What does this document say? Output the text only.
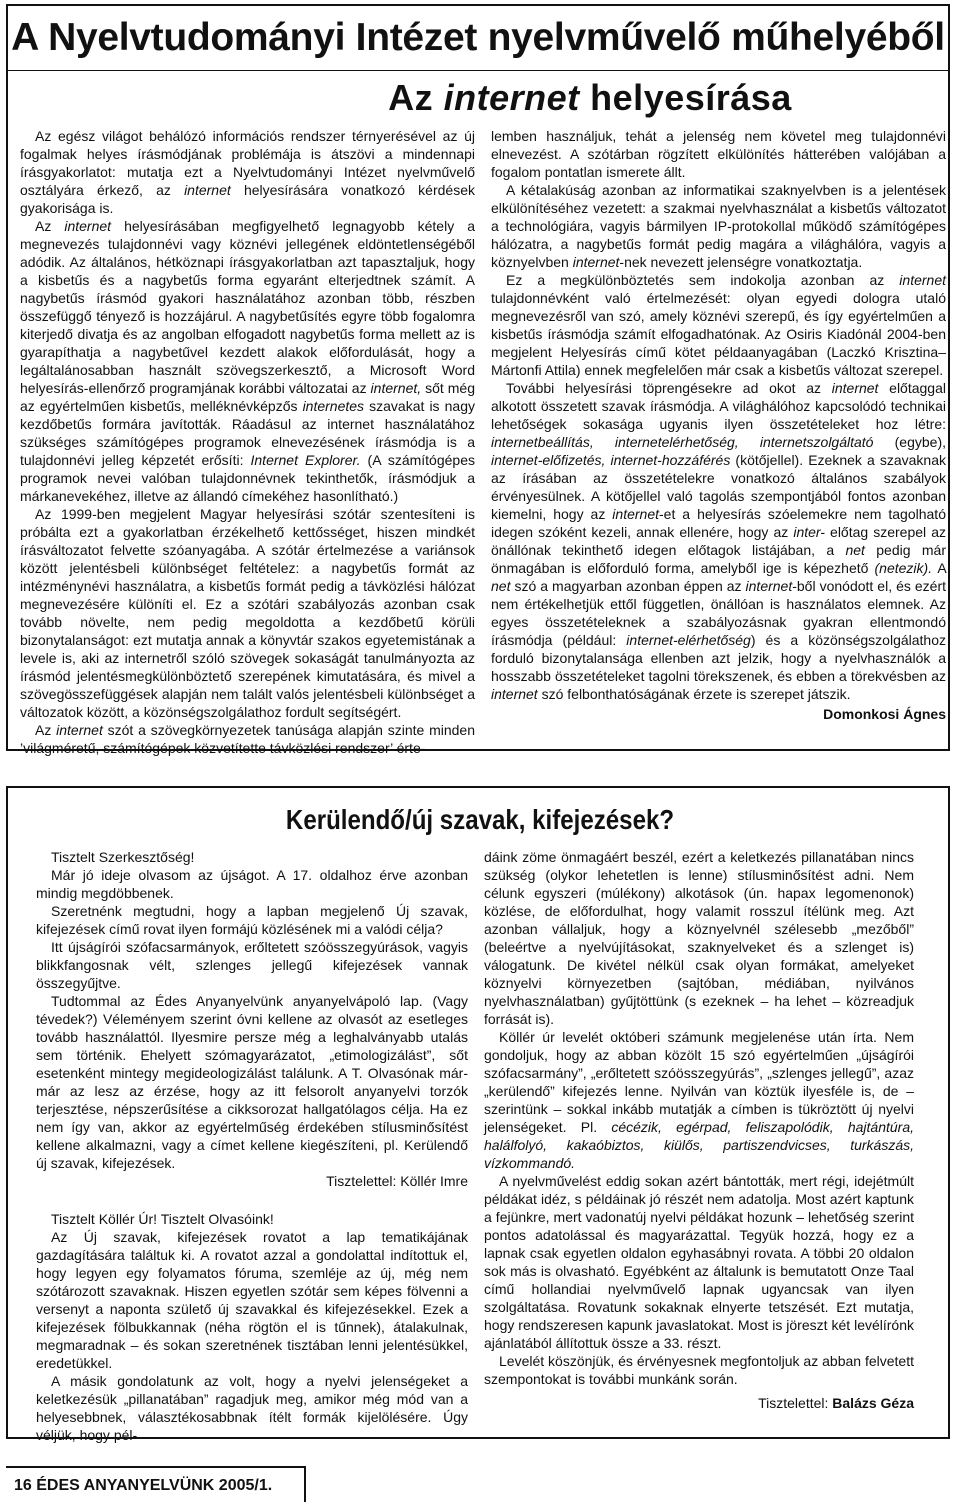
A Nyelvtudományi Intézet nyelvművelő műhelyéből
Az internet helyesírása

Az egész világot behálózó információs rendszer térnyerésével az új fogalmak helyes írásmódjának problémája is átszövi a mindennapi írásgyakorlatot: mutatja ezt a Nyelvtudományi Intézet nyelvművelő osztályára érkező, az internet helyesírására vonatkozó kérdések gyakorisága is.

Az internet helyesírásában megfigyelhető legnagyobb kétely a megnevezés tulajdonnévi vagy köznévi jellegének eldöntetlenségéből adódik. Az általános, hétköznapi írásgyakorlatban azt tapasztaljuk, hogy a kisbetűs és a nagybetűs forma egyaránt elterjedtnek számít. A nagybetűs írásmód gyakori használatához azonban több, részben összefüggő tényező is hozzájárul. A nagybetűsítés egyre több fogalomra kiterjedő divatja és az angolban elfogadott nagybetűs forma mellett az is gyarapíthatja a nagybetűvel kezdett alakok előfordulását, hogy a legáltalánosabban használt szövegszerkesztő, a Microsoft Word helyesírás-ellenőrző programjának korábbi változatai az internet, sőt még az egyértelműen kisbetűs, melléknévképzős internetes szavakat is nagy kezdőbetűs formára javították. Ráadásul az internet használatához szükséges számítógépes programok elnevezésének írásmódja is a tulajdonnévi jelleg képzetét erősíti: Internet Explorer. (A számítógépes programok nevei valóban tulajdonnévnek tekinthetők, írásmódjuk a márkanevekéhez, illetve az állandó címekéhez hasonlítható.)

Az 1999-ben megjelent Magyar helyesírási szótár szentesíteni is próbálta ezt a gyakorlatban érzékelhető kettősséget, hiszen mindkét írásváltozatot felvette szóanyagába. A szótár értelmezése a variánsok között jelentésbeli különbséget feltételez: a nagybetűs formát az intézménynévi használatra, a kisbetűs formát pedig a távközlési hálózat megnevezésére különíti el. Ez a szótári szabályozás azonban csak tovább növelte, nem pedig megoldotta a kezdőbetű körüli bizonytalanságot: ezt mutatja annak a könyvtár szakos egyetemistának a levele is, aki az internetről szóló szövegek sokaságát tanulmányozta az írásmód jelentésmegkülönböztető szerepének kimutatására, és mivel a szövegösszefüggések alapján nem talált valós jelentésbeli különbséget a változatok között, a közönségszolgálathoz fordult segítségért.

Az internet szót a szövegkörnyezetek tanúsága alapján szinte minden ’világméretű, számítógépek közvetítette távközlési rendszer’ érte-

lemben használjuk, tehát a jelenség nem követel meg tulajdonnévi elnevezést. A szótárban rögzített elkülönítés hátterében valójában a fogalom pontatlan ismerete állt.

A kétalakúság azonban az informatikai szaknyelvben is a jelentések elkülönítéséhez vezetett: a szakmai nyelvhasználat a kisbetűs változatot a technológiára, vagyis bármilyen IP-protokollal működő számítógépes hálózatra, a nagybetűs formát pedig magára a világhálóra, vagyis a köznyelvben internet-nek nevezett jelenségre vonatkoztatja.

Ez a megkülönböztetés sem indokolja azonban az internet tulajdonnévként való értelmezését: olyan egyedi dologra utaló megnevezésről van szó, amely köznévi szerepű, és így egyértelműen a kisbetűs írásmódja számít elfogadhatónak. Az Osiris Kiadónál 2004-ben megjelent Helyesírás című kötet példaanyagában (Laczkó Krisztina–Mártonfi Attila) ennek megfelelően már csak a kisbetűs változat szerepel.

További helyesírási töprengésekre ad okot az internet előtaggal alkotott összetett szavak írásmódja. A világhálóhoz kapcsolódó technikai lehetőségek sokasága ugyanis ilyen összetételeket hoz létre: internetbeállítás, internetelérhetőség, internetszolgáltató (egybe), internet-előfizetés, internet-hozzáférés (kötőjellel). Ezeknek a szavaknak az írásában az összetételekre vonatkozó általános szabályok érvényesülnek. A kötőjellel való tagolás szempontjából fontos azonban kiemelni, hogy az internet-et a helyesírás szóelemekre nem tagolható idegen szóként kezeli, annak ellenére, hogy az inter- előtag szerepel az önállónak tekinthető idegen előtagok listájában, a net pedig már önmagában is előforduló forma, amelyből ige is képezhető (netezik). A net szó a magyarban azonban éppen az internet-ből vonódott el, és ezért nem értékelhetjük ettől független, önállóan is használatos elemnek. Az egyes összetételeknek a szabályozásnak gyakran ellentmondó írásmódja (például: internet-elérhetőség) és a közönségszolgálathoz forduló bizonytalansága ellenben azt jelzik, hogy a nyelvhasználók a hosszabb összetételeket tagolni törekszenek, és ebben a törekvésben az internet szó felbonthatóságának érzete is szerepet játszik.

Domonkosi Ágnes

Kerülendő/új szavak, kifejezések?

Tisztelt Szerkesztőség!

Már jó ideje olvasom az újságot. A 17. oldalhoz érve azonban mindig megdöbbenek.

Szeretnénk megtudni, hogy a lapban megjelenő Új szavak, kifejezések című rovat ilyen formájú közlésének mi a valódi célja?

Itt újságírói szófacsarmányok, erőltetett szóösszegyúrások, vagyis blikkfangosnak vélt, szlenges jellegű kifejezések vannak összegyűjtve.

Tudtommal az Édes Anyanyelvünk anyanyelvápoló lap. (Vagy tévedek?) Véleményem szerint óvni kellene az olvasót az esetleges tovább használattól. Ilyesmire persze még a leghalványabb utalás sem történik. Ehelyett szómagyarázatot, „etimologizálást”, sőt esetenként mintegy megideologizálást találunk. A T. Olvasónak már-már az lesz az érzése, hogy az itt felsorolt anyanyelvi torzók terjesztése, népszerűsítése a cikksorozat hallgatólagos célja. Ha ez nem így van, akkor az egyértelműség érdekében stílusminősítést kellene alkalmazni, vagy a címet kellene kiegészíteni, pl. Kerülendő új szavak, kifejezések.

Tisztelettel: Köllér Imre

Tisztelt Köllér Úr! Tisztelt Olvasóink!

Az Új szavak, kifejezések rovatot a lap tematikájának gazdagítására találtuk ki. A rovatot azzal a gondolattal indítottuk el, hogy legyen egy folyamatos fóruma, szemléje az új, még nem szótározott szavaknak. Hiszen egyetlen szótár sem képes fölvenni a versenyt a naponta születő új szavakkal és kifejezésekkel. Ezek a kifejezések fölbukkannak (néha rögtön el is tűnnek), átalakulnak, megmaradnak – és sokan szeretnének tisztában lenni jelentésükkel, eredetükkel.

A másik gondolatunk az volt, hogy a nyelvi jelenségeket a keletkezésük „pillanatában” ragadjuk meg, amikor még mód van a helyesebbnek, választékosabbnak ítélt formák kijelölésére. Úgy véljük, hogy pél-

dáink zöme önmagáért beszél, ezért a keletkezés pillanatában nincs szükség (olykor lehetetlen is lenne) stílusminősítést adni. Nem célunk egyszeri (múlékony) alkotások (ún. hapax legomenonok) közlése, de előfordulhat, hogy valamit rosszul ítélünk meg. Azt azonban vállaljuk, hogy a köznyelvnél szélesebb „mezőből” (beleértve a nyelvújításokat, szaknyelveket és a szlenget is) válogatunk. De kivétel nélkül csak olyan formákat, amelyeket köznyelvi környezetben (sajtóban, médiában, nyilvános nyelvhasználatban) gyűjtöttünk (s ezeknek – ha lehet – közreadjuk forrását is).

Köllér úr levelét októberi számunk megjelenése után írta. Nem gondoljuk, hogy az abban közölt 15 szó egyértelműen „újságírói szófacsarmány”, „erőltetett szóösszegyúrás”, „szlenges jellegű”, azaz „kerülendő” kifejezés lenne. Nyilván van köztük ilyesféle is, de – szerintünk – sokkal inkább mutatják a címben is tükröztött új nyelvi jelenségeket. Pl. cécézik, egérpad, feliszapolódik, hajtántúra, halálfolyó, kakaóbiztos, kiülős, partiszendvicses, turkászás, vízkommandó.

A nyelvművelést eddig sokan azért bántották, mert régi, idejétmúlt példákat idéz, s példáinak jó részét nem adatolja. Most azért kaptunk a fejünkre, mert vadonatúj nyelvi példákat hozunk – lehetőség szerint pontos adatolással és magyarázattal. Tegyük hozzá, hogy ez a lapnak csak egyetlen oldalon egyhasábnyi rovata. A többi 20 oldalon sok más is olvasható. Egyébként az általunk is bemutatott Onze Taal című hollandiai nyelvművelő lapnak ugyancsak van ilyen szolgáltatása. Rovatunk sokaknak elnyerte tetszését. Ezt mutatja, hogy rendszeresen kapunk javaslatokat. Most is jöreszt két levélírónk ajánlatából állítottuk össze a 33. részt.

Levelét köszönjük, és érvényesnek megfontoljuk az abban felvetett szempontokat is további munkánk során.

Tisztelettel: Balázs Géza

16 ÉDES ANYANYELVÜNK 2005/1.
